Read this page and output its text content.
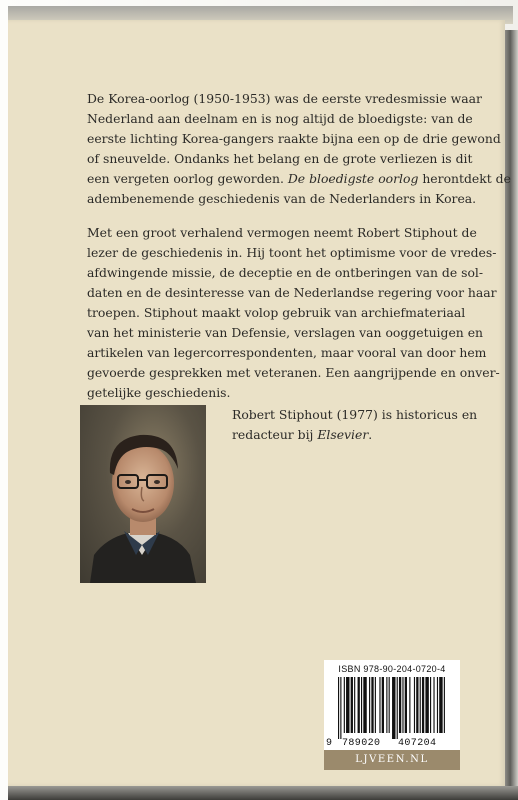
De Korea-oorlog (1950-1953) was de eerste vredesmissie waar
Nederland aan deelnam en is nog altijd de bloedigste: van de
eerste lichting Korea-gangers raakte bijna een op de drie gewond
of sneuvelde. Ondanks het belang en de grote verliezen is dit
een vergeten oorlog geworden. De bloedigste oorlog herontdekt de
adembenemende geschiedenis van de Nederlanders in Korea.
Met een groot verhalend vermogen neemt Robert Stiphout de
lezer de geschiedenis in. Hij toont het optimisme voor de vredes-
afdwingende missie, de deceptie en de ontberingen van de sol-
daten en de desinteresse van de Nederlandse regering voor haar
troepen. Stiphout maakt volop gebruik van archiefmateriaal
van het ministerie van Defensie, verslagen van ooggetuigen en
artikelen van legercorrespondenten, maar vooral van door hem
gevoerde gesprekken met veteranen. Een aangrijpende en onver-
getelijke geschiedenis.
Robert Stiphout (1977) is historicus en
redacteur bij Elsevier.
ISBN 978-90-204-0720-4
9 789020 407204
LJVEEN.NL
